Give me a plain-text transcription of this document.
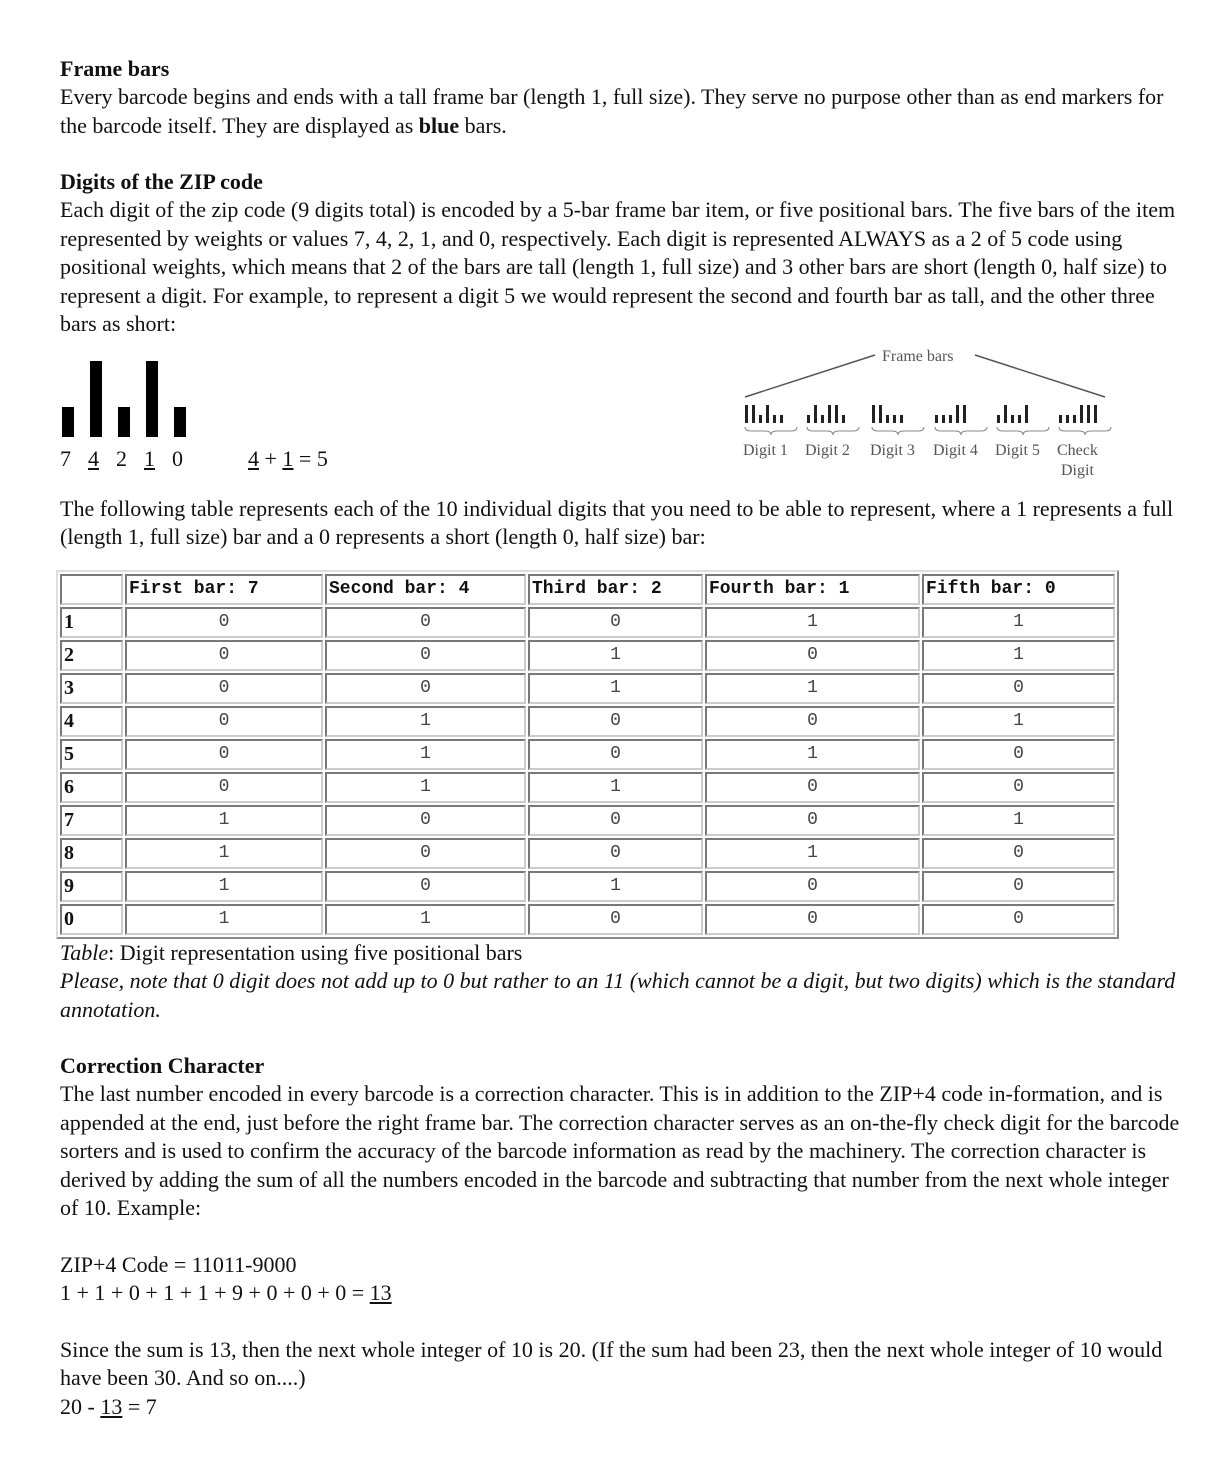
Frame bars

Every barcode begins and ends with a tall frame bar (length 1, full size). They serve no purpose other than as end markers for the barcode itself. They are displayed as blue bars.

Digits of the ZIP code

Each digit of the zip code (9 digits total) is encoded by a 5-bar frame bar item, or five positional bars. The five bars of the item represented by weights or values 7, 4, 2, 1, and 0, respectively. Each digit is represented ALWAYS as a 2 of 5 code using positional weights, which means that 2 of the bars are tall (length 1, full size) and 3 other bars are short (length 0, half size) to represent a digit. For example, to represent a digit 5 we would represent the second and fourth bar as tall, and the other three bars as short:

7 4 2 1 0	4 + 1 = 5
Frame bars
Digit 1 Digit 2 Digit 3 Digit 4 Digit 5 Check
Digit

The following table represents each of the 10 individual digits that you need to be able to represent, where a 1 represents a full (length 1, full size) bar and a 0 represents a short (length 0, half size) bar:

	First bar: 7	Second bar: 4	Third bar: 2	Fourth bar: 1	Fifth bar: 0
1	0	0	0	1	1
2	0	0	1	0	1
3	0	0	1	1	0
4	0	1	0	0	1
5	0	1	0	1	0
6	0	1	1	0	0
7	1	0	0	0	1
8	1	0	0	1	0
9	1	0	1	0	0
0	1	1	0	0	0

Table: Digit representation using five positional bars

Please, note that 0 digit does not add up to 0 but rather to an 11 (which cannot be a digit, but two digits) which is the standard annotation.

Correction Character

The last number encoded in every barcode is a correction character. This is in addition to the ZIP+4 code in-formation, and is appended at the end, just before the right frame bar. The correction character serves as an on-the-fly check digit for the barcode sorters and is used to confirm the accuracy of the barcode information as read by the machinery. The correction character is derived by adding the sum of all the numbers encoded in the barcode and subtracting that number from the next whole integer of 10. Example:

ZIP+4 Code = 11011-9000

1 + 1 + 0 + 1 + 1 + 9 + 0 + 0 + 0 = 13

Since the sum is 13, then the next whole integer of 10 is 20. (If the sum had been 23, then the next whole integer of 10 would have been 30. And so on....)

20 - 13 = 7
